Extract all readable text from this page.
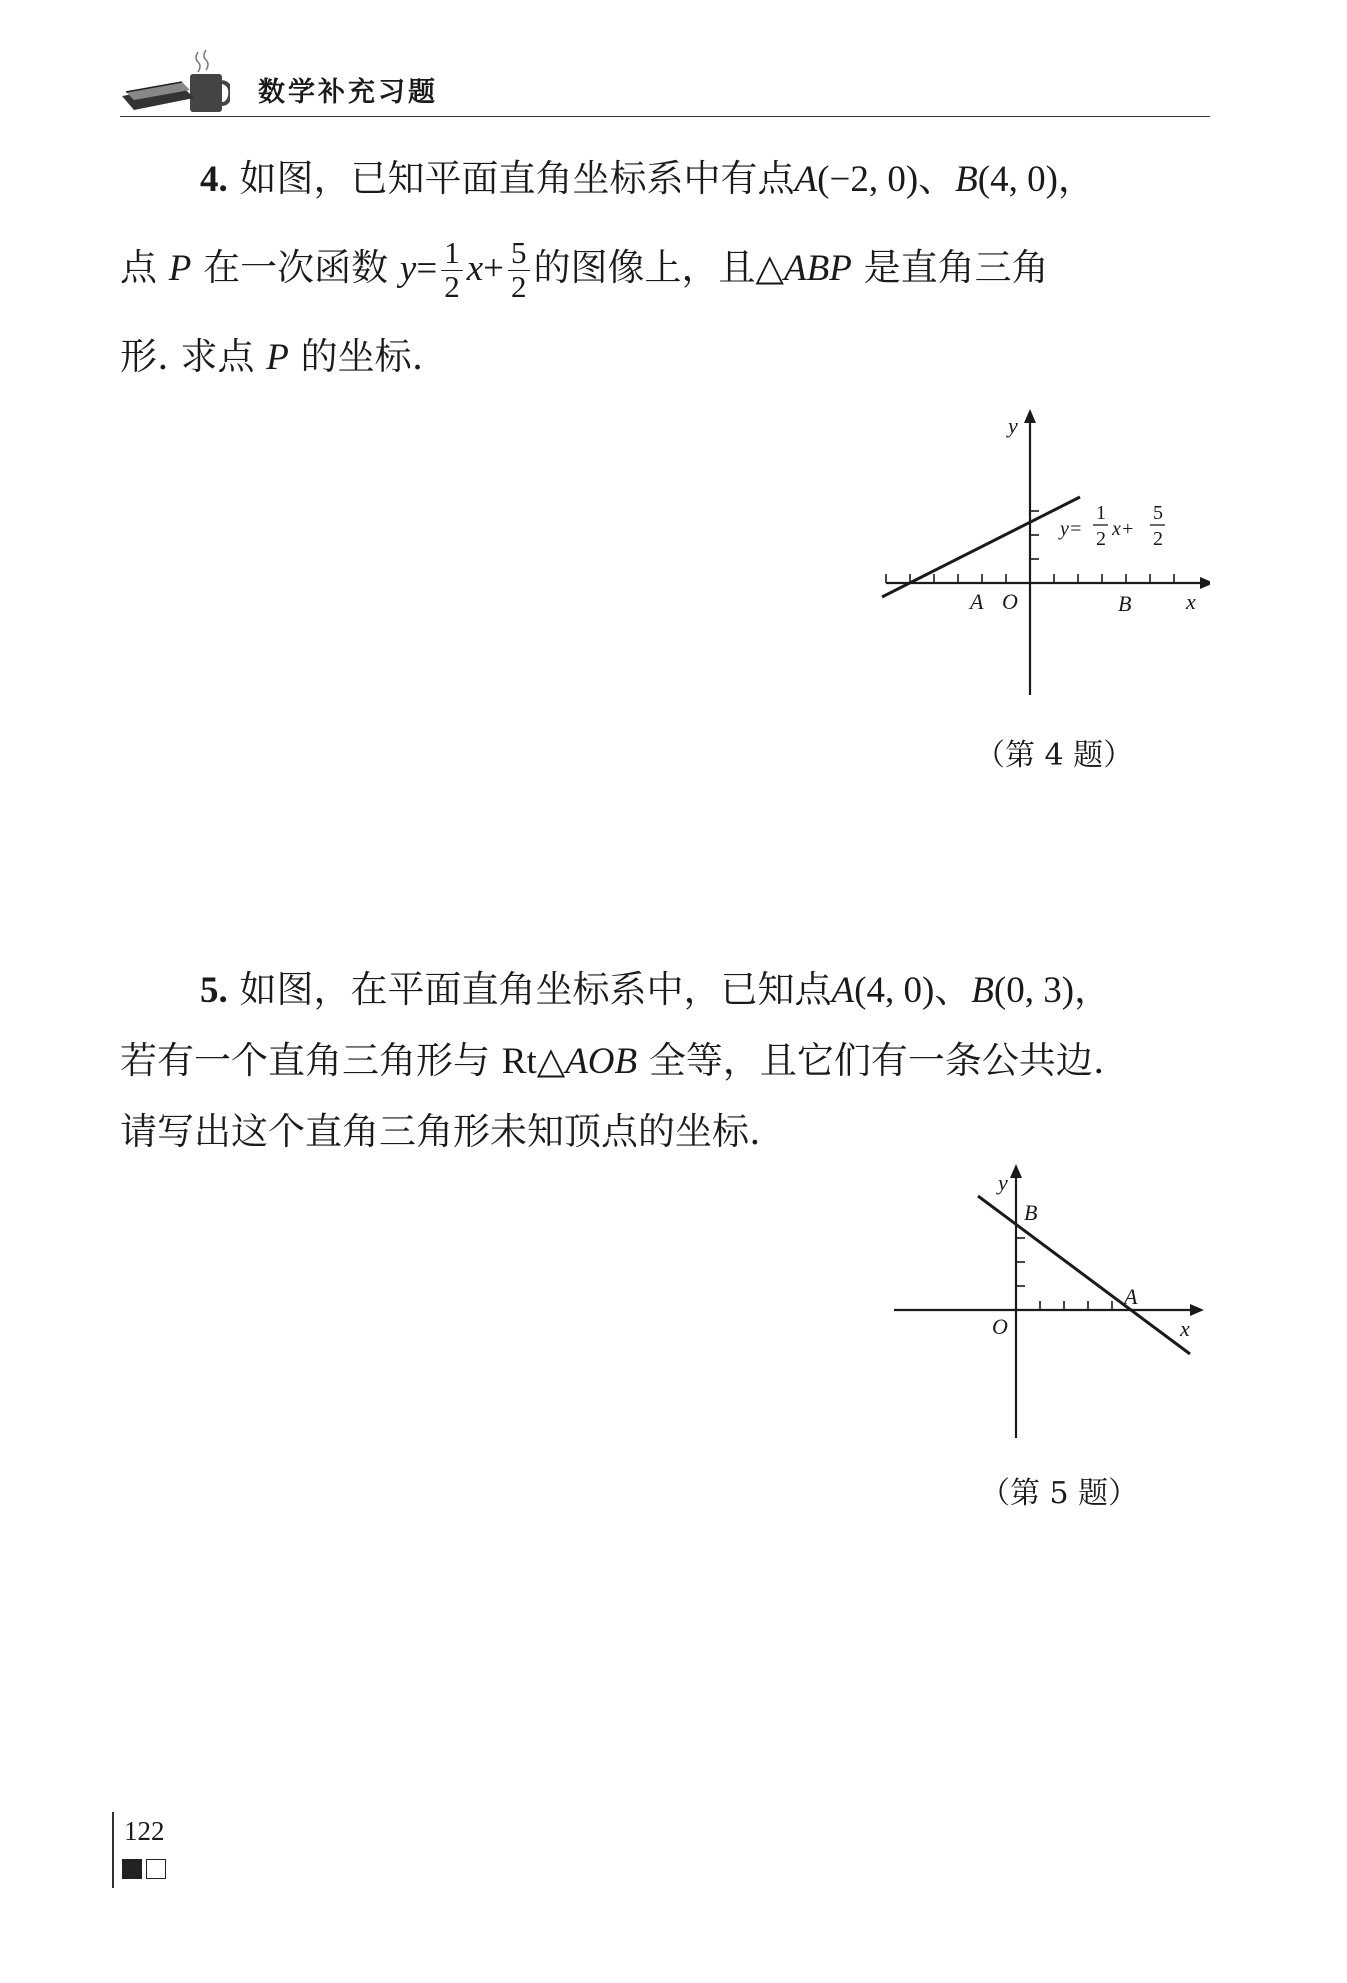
数学补充习题
4. 如图，已知平面直角坐标系中有点A(−2, 0)、B(4, 0)，
点 P 在一次函数 $y= \frac{1}{2} x+ \frac{5}{2}$ 的图像上，且△ABP 是直角三角
形. 求点 P 的坐标.
y
x
A O	B
y=
1
2 x+
5
2
（第 4 题）
5. 如图，在平面直角坐标系中，已知点A(4, 0)、B(0, 3)，
若有一个直角三角形与 Rt△AOB 全等，且它们有一条公共边.
请写出这个直角三角形未知顶点的坐标.
y
x
B
A
O
（第 5 题）
122
